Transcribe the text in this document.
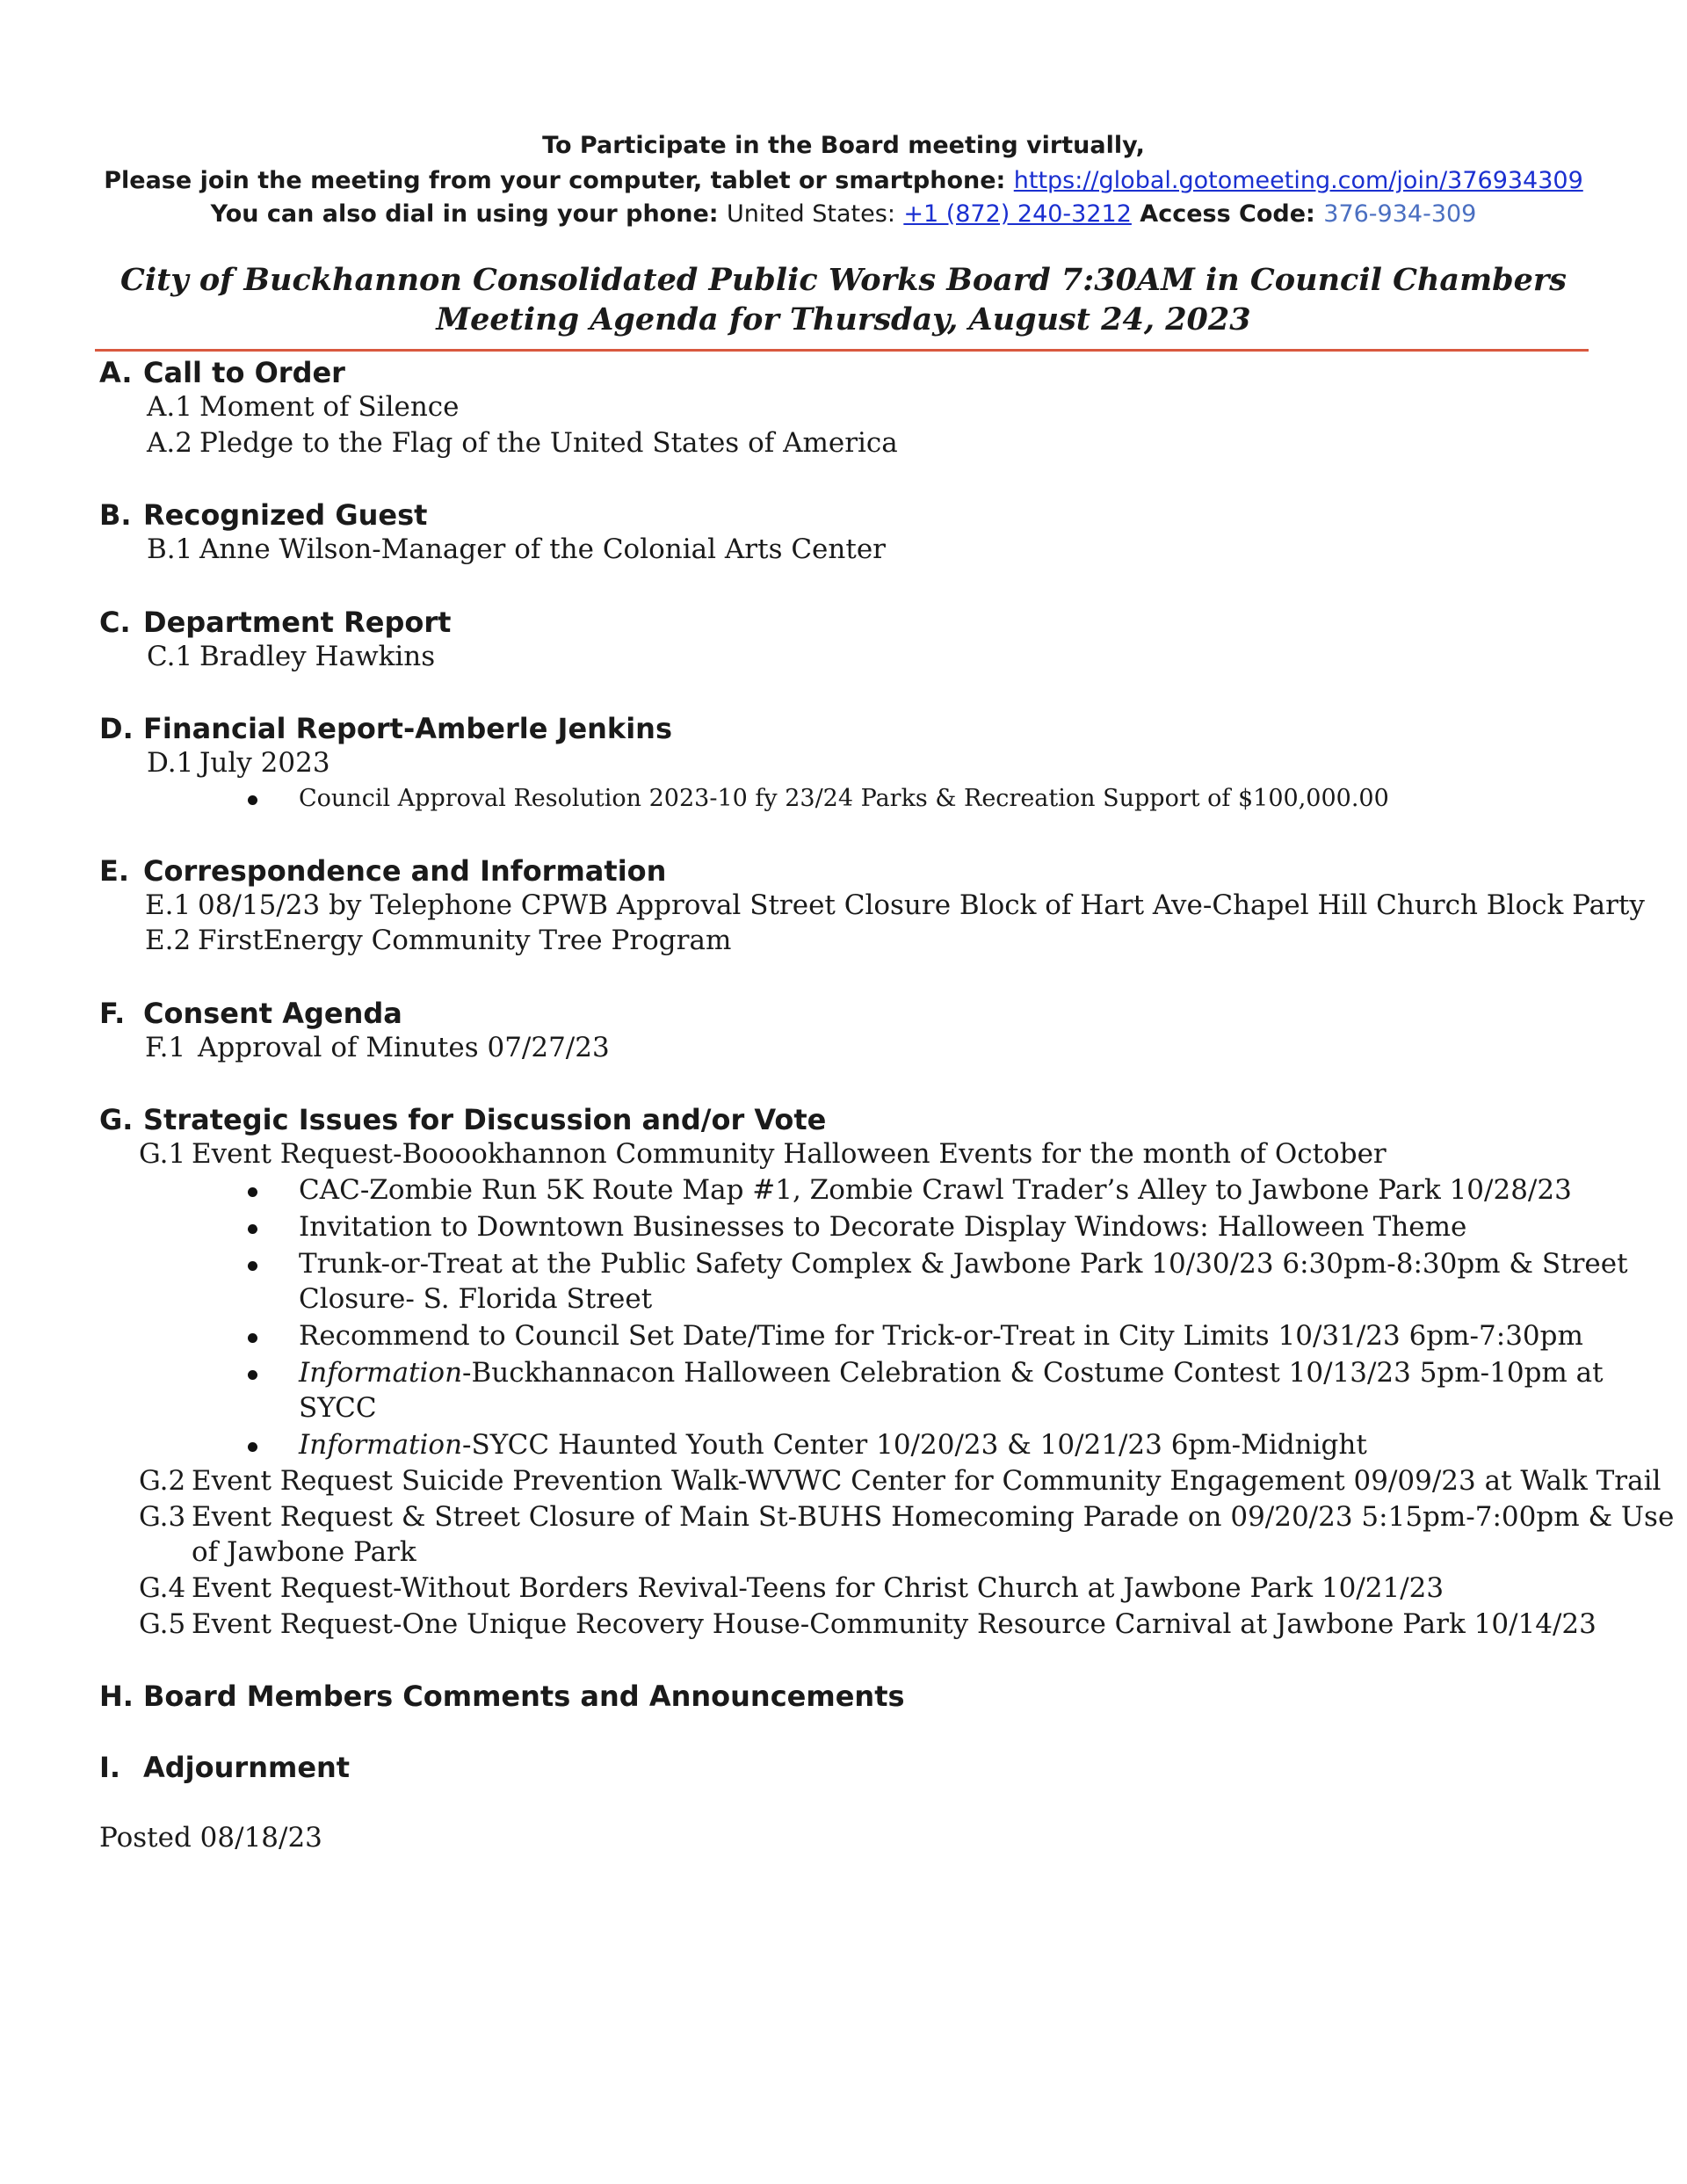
To Participate in the Board meeting virtually,
Please join the meeting from your computer, tablet or smartphone: https://global.gotomeeting.com/join/376934309
You can also dial in using your phone: United States: +1 (872) 240-3212 Access Code: 376-934-309
City of Buckhannon Consolidated Public Works Board 7:30AM in Council Chambers
Meeting Agenda for Thursday, August 24, 2023
A. Call to Order
A.1 Moment of Silence
A.2 Pledge to the Flag of the United States of America
B. Recognized Guest
B.1 Anne Wilson-Manager of the Colonial Arts Center
C. Department Report
C.1 Bradley Hawkins
D. Financial Report-Amberle Jenkins
D.1 July 2023
Council Approval Resolution 2023-10 fy 23/24 Parks & Recreation Support of $100,000.00
E. Correspondence and Information
E.1 08/15/23 by Telephone CPWB Approval Street Closure Block of Hart Ave-Chapel Hill Church Block Party
E.2 FirstEnergy Community Tree Program
F. Consent Agenda
F.1 Approval of Minutes 07/27/23
G. Strategic Issues for Discussion and/or Vote
G.1 Event Request-Booookhannon Community Halloween Events for the month of October
CAC-Zombie Run 5K Route Map #1, Zombie Crawl Trader’s Alley to Jawbone Park 10/28/23
Invitation to Downtown Businesses to Decorate Display Windows: Halloween Theme
Trunk-or-Treat at the Public Safety Complex & Jawbone Park 10/30/23 6:30pm-8:30pm & Street
Closure- S. Florida Street
Recommend to Council Set Date/Time for Trick-or-Treat in City Limits 10/31/23 6pm-7:30pm
Information-Buckhannacon Halloween Celebration & Costume Contest 10/13/23 5pm-10pm at
SYCC
Information-SYCC Haunted Youth Center 10/20/23 & 10/21/23 6pm-Midnight
G.2 Event Request Suicide Prevention Walk-WVWC Center for Community Engagement 09/09/23 at Walk Trail
G.3 Event Request & Street Closure of Main St-BUHS Homecoming Parade on 09/20/23 5:15pm-7:00pm & Use
of Jawbone Park
G.4 Event Request-Without Borders Revival-Teens for Christ Church at Jawbone Park 10/21/23
G.5 Event Request-One Unique Recovery House-Community Resource Carnival at Jawbone Park 10/14/23
H. Board Members Comments and Announcements
I. Adjournment
Posted 08/18/23
